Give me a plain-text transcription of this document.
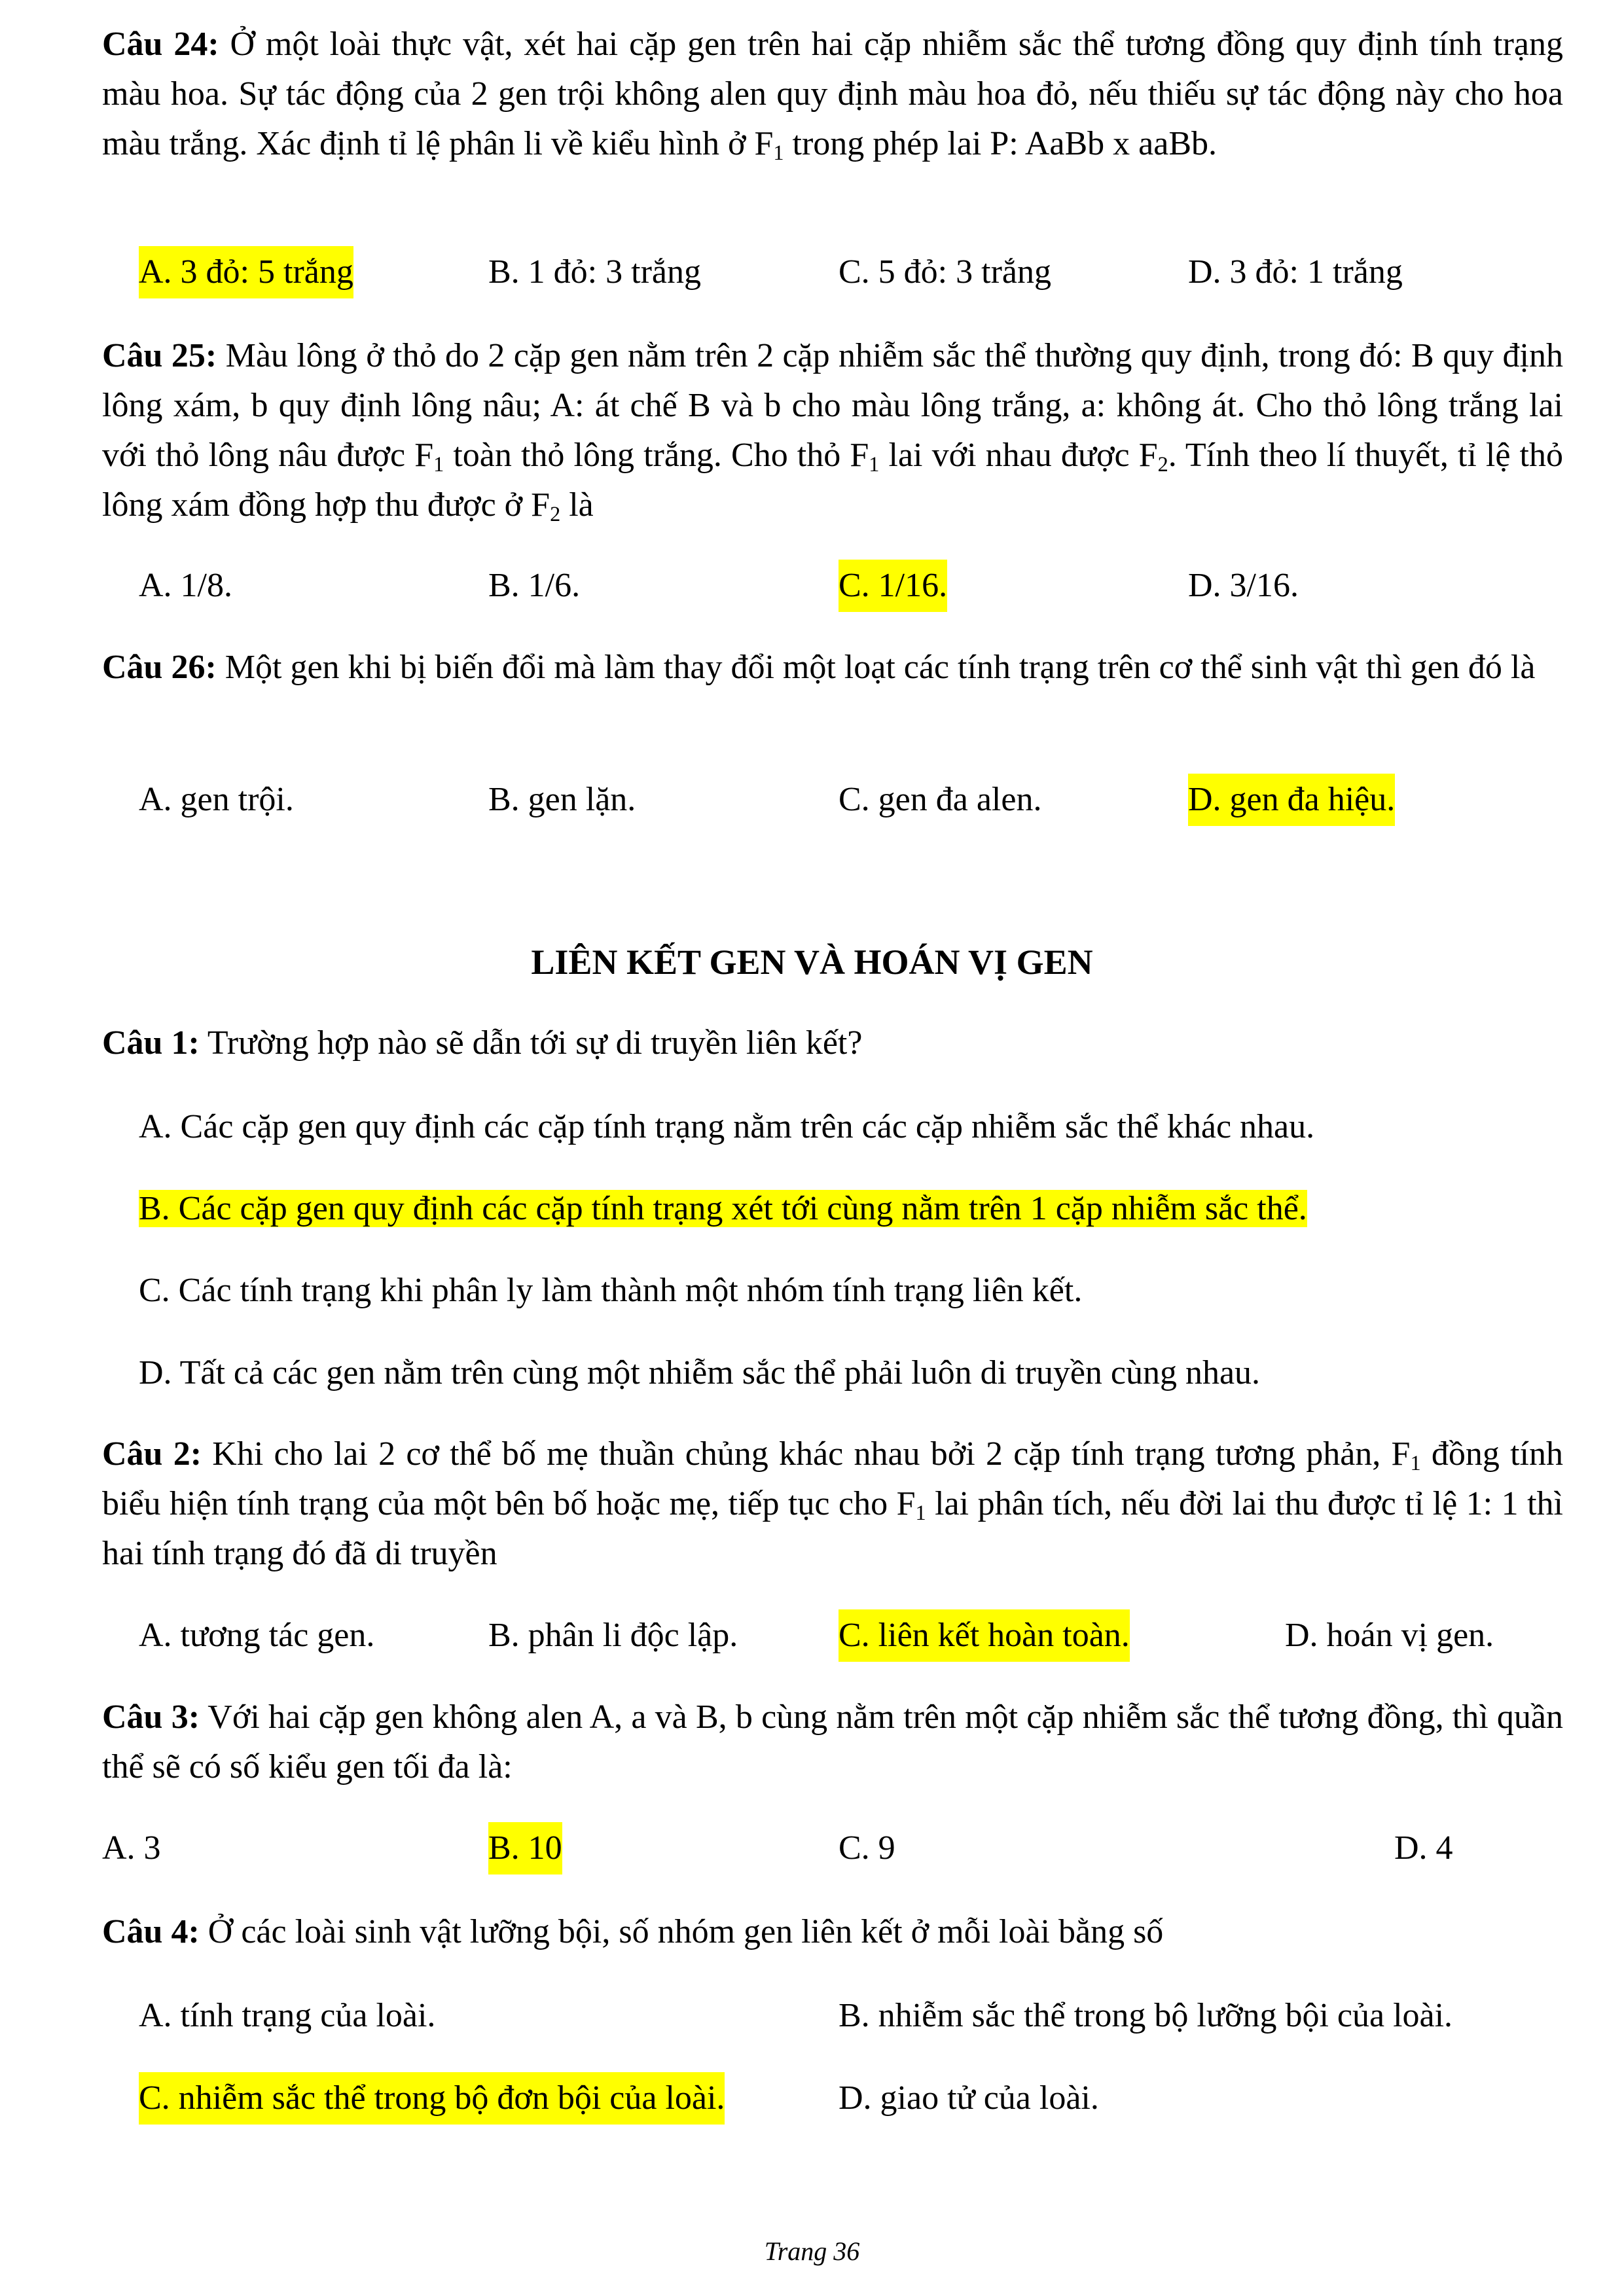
Câu 24: Ở một loài thực vật, xét hai cặp gen trên hai cặp nhiễm sắc thể tương đồng quy định tính trạng màu hoa. Sự tác động của 2 gen trội không alen quy định màu hoa đỏ, nếu thiếu sự tác động này cho hoa màu trắng. Xác định tỉ lệ phân li về kiểu hình ở $F_1$ trong phép lai P: AaBb x aaBb.

A. 3 đỏ: 5 trắng	B. 1 đỏ: 3 trắng	C. 5 đỏ: 3 trắng	D. 3 đỏ: 1 trắng

Câu 25: Màu lông ở thỏ do 2 cặp gen nằm trên 2 cặp nhiễm sắc thể thường quy định, trong đó: B quy định lông xám, b quy định lông nâu; A: át chế B và b cho màu lông trắng, a: không át. Cho thỏ lông trắng lai với thỏ lông nâu được $F_1$ toàn thỏ lông trắng. Cho thỏ $F_1$ lai với nhau được $F_2$. Tính theo lí thuyết, tỉ lệ thỏ lông xám đồng hợp thu được ở $F_2$ là

A. 1/8.	B. 1/6.	C. 1/16.	D. 3/16.

Câu 26: Một gen khi bị biến đổi mà làm thay đổi một loạt các tính trạng trên cơ thể sinh vật thì gen đó là

A. gen trội.	B. gen lặn.	C. gen đa alen.	D. gen đa hiệu.
LIÊN KẾT GEN VÀ HOÁN VỊ GEN

Câu 1: Trường hợp nào sẽ dẫn tới sự di truyền liên kết?

A. Các cặp gen quy định các cặp tính trạng nằm trên các cặp nhiễm sắc thể khác nhau.
B. Các cặp gen quy định các cặp tính trạng xét tới cùng nằm trên 1 cặp nhiễm sắc thể.
C. Các tính trạng khi phân ly làm thành một nhóm tính trạng liên kết.
D. Tất cả các gen nằm trên cùng một nhiễm sắc thể phải luôn di truyền cùng nhau.

Câu 2: Khi cho lai 2 cơ thể bố mẹ thuần chủng khác nhau bởi 2 cặp tính trạng tương phản, $F_1$ đồng tính biểu hiện tính trạng của một bên bố hoặc mẹ, tiếp tục cho $F_1$ lai phân tích, nếu đời lai thu được tỉ lệ 1: 1 thì hai tính trạng đó đã di truyền

A. tương tác gen.	B. phân li độc lập.	C. liên kết hoàn toàn.	D. hoán vị gen.

Câu 3: Với hai cặp gen không alen A, a và B, b cùng nằm trên một cặp nhiễm sắc thể tương đồng, thì quần thể sẽ có số kiểu gen tối đa là:

A. 3	B. 10	C. 9	D. 4

Câu 4: Ở các loài sinh vật lưỡng bội, số nhóm gen liên kết ở mỗi loài bằng số

A. tính trạng của loài.	B. nhiễm sắc thể trong bộ lưỡng bội của loài.
C. nhiễm sắc thể trong bộ đơn bội của loài.	D. giao tử của loài.
Trang 36
